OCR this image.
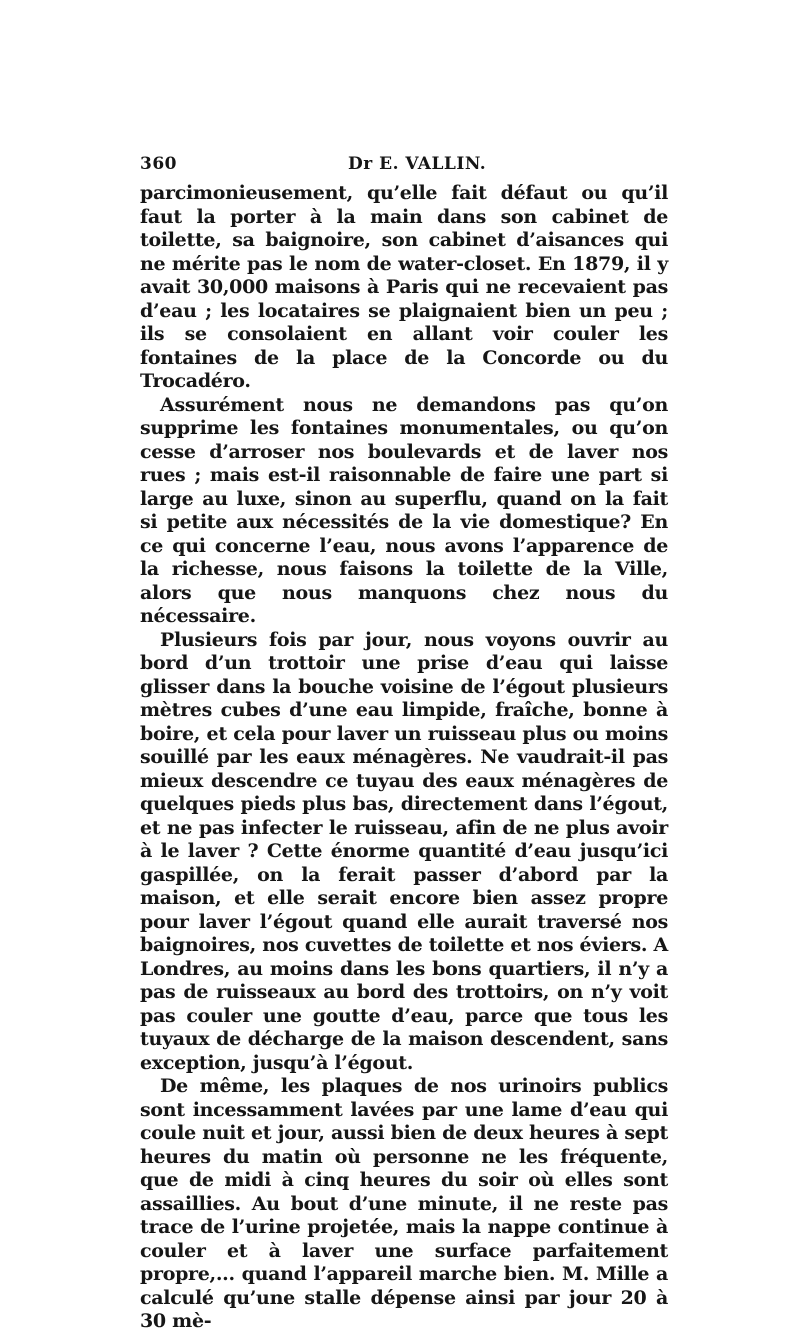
360	Dr E. VALLIN.

parcimonieusement, qu’elle fait défaut ou qu’il faut la porter à la main dans son cabinet de toilette, sa baignoire, son cabinet d’aisances qui ne mérite pas le nom de water-closet. En 1879, il y avait 30,000 maisons à Paris qui ne recevaient pas d’eau ; les locataires se plaignaient bien un peu ; ils se consolaient en allant voir couler les fontaines de la place de la Concorde ou du Trocadéro.

Assurément nous ne demandons pas qu’on supprime les fontaines monumentales, ou qu’on cesse d’arroser nos boulevards et de laver nos rues ; mais est-il raisonnable de faire une part si large au luxe, sinon au superflu, quand on la fait si petite aux nécessités de la vie domestique? En ce qui concerne l’eau, nous avons l’apparence de la richesse, nous faisons la toilette de la Ville, alors que nous manquons chez nous du nécessaire.

Plusieurs fois par jour, nous voyons ouvrir au bord d’un trottoir une prise d’eau qui laisse glisser dans la bouche voisine de l’égout plusieurs mètres cubes d’une eau limpide, fraîche, bonne à boire, et cela pour laver un ruisseau plus ou moins souillé par les eaux ménagères. Ne vaudrait-il pas mieux descendre ce tuyau des eaux ménagères de quelques pieds plus bas, directement dans l’égout, et ne pas infecter le ruisseau, afin de ne plus avoir à le laver ? Cette énorme quantité d’eau jusqu’ici gaspillée, on la ferait passer d’abord par la maison, et elle serait encore bien assez propre pour laver l’égout quand elle aurait traversé nos baignoires, nos cuvettes de toilette et nos éviers. A Londres, au moins dans les bons quartiers, il n’y a pas de ruisseaux au bord des trottoirs, on n’y voit pas couler une goutte d’eau, parce que tous les tuyaux de décharge de la maison descendent, sans exception, jusqu’à l’égout.

De même, les plaques de nos urinoirs publics sont incessamment lavées par une lame d’eau qui coule nuit et jour, aussi bien de deux heures à sept heures du matin où personne ne les fréquente, que de midi à cinq heures du soir où elles sont assaillies. Au bout d’une minute, il ne reste pas trace de l’urine projetée, mais la nappe continue à couler et à laver une surface parfaitement propre,... quand l’appareil marche bien. M. Mille a calculé qu’une stalle dépense ainsi par jour 20 à 30 mè-
